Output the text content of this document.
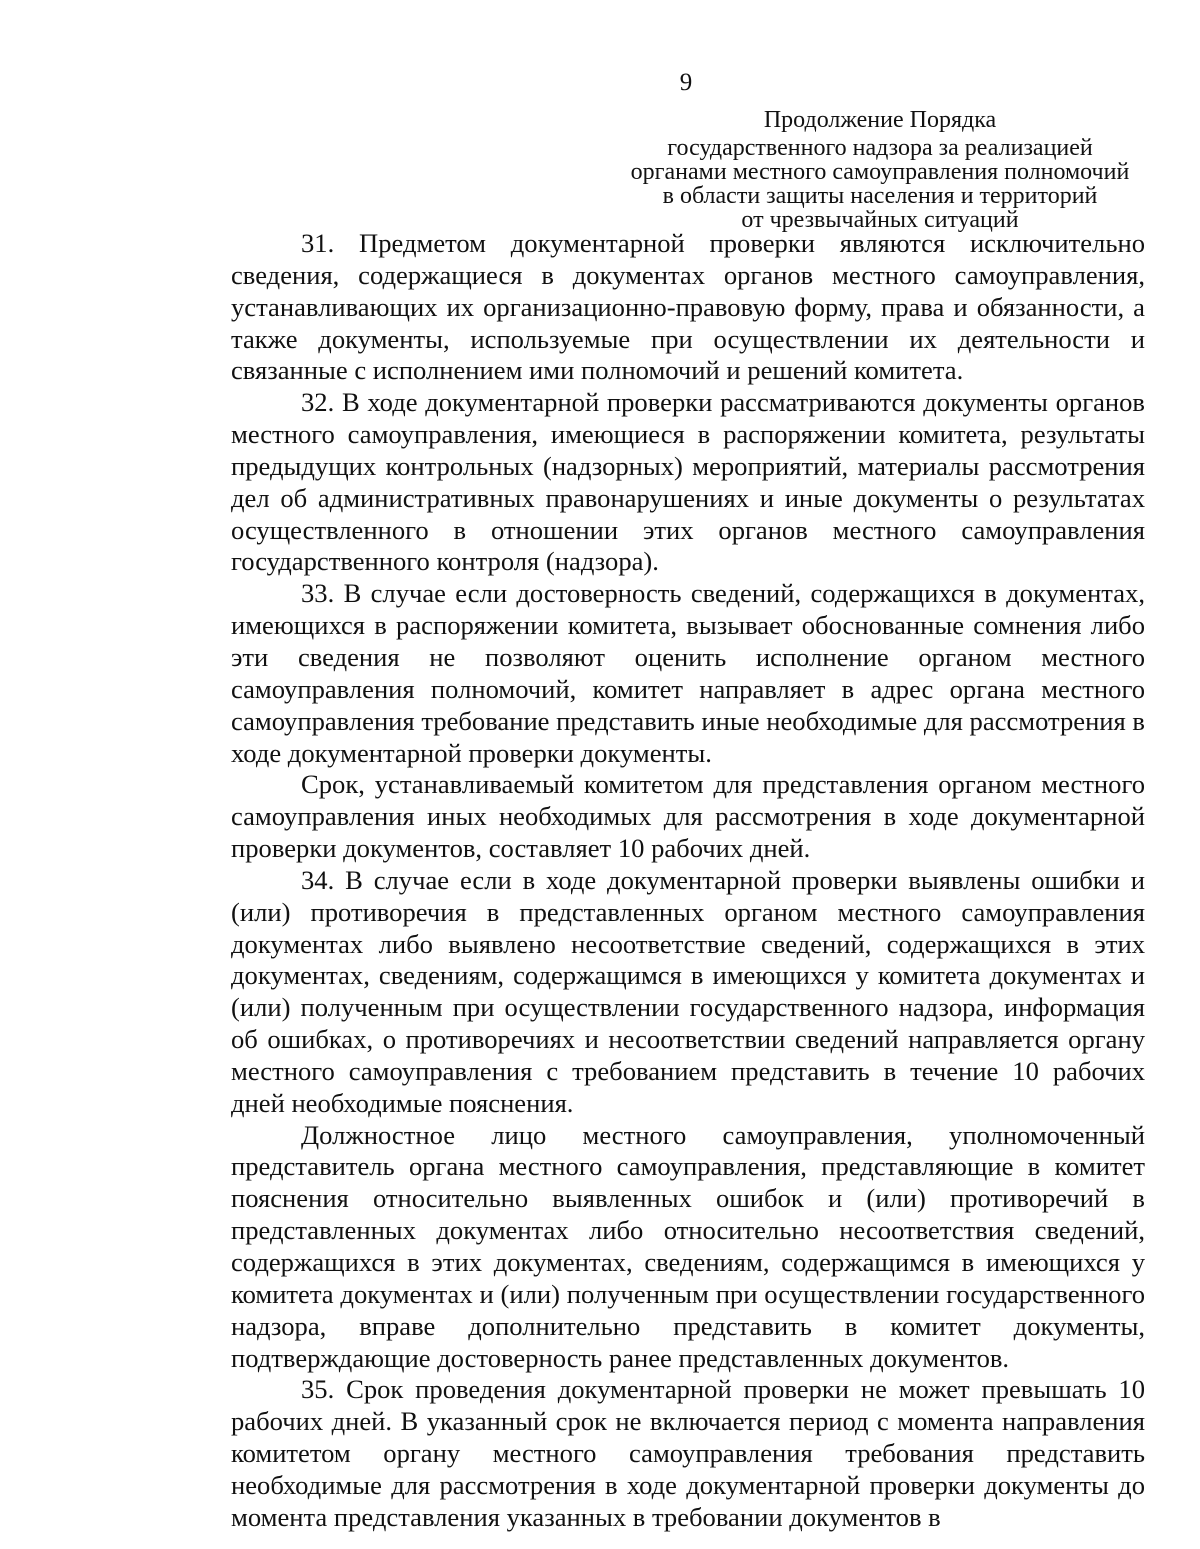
9
Продолжение Порядка
государственного надзора за реализацией
органами местного самоуправления полномочий
в области защиты населения и территорий
от чрезвычайных ситуаций

31. Предметом документарной проверки являются исключительно сведения, содержащиеся в документах органов местного самоуправления, устанавливающих их организационно-правовую форму, права и обязанности, а также документы, используемые при осуществлении их деятельности и связанные с исполнением ими полномочий и решений комитета.

32. В ходе документарной проверки рассматриваются документы органов местного самоуправления, имеющиеся в распоряжении комитета, результаты предыдущих контрольных (надзорных) мероприятий, материалы рассмотрения дел об административных правонарушениях и иные документы о результатах осуществленного в отношении этих органов местного самоуправления государственного контроля (надзора).

33. В случае если достоверность сведений, содержащихся в документах, имеющихся в распоряжении комитета, вызывает обоснованные сомнения либо эти сведения не позволяют оценить исполнение органом местного самоуправления полномочий, комитет направляет в адрес органа местного самоуправления требование представить иные необходимые для рассмотрения в ходе документарной проверки документы.

Срок, устанавливаемый комитетом для представления органом местного самоуправления иных необходимых для рассмотрения в ходе документарной проверки документов, составляет 10 рабочих дней.

34. В случае если в ходе документарной проверки выявлены ошибки и (или) противоречия в представленных органом местного самоуправления документах либо выявлено несоответствие сведений, содержащихся в этих документах, сведениям, содержащимся в имеющихся у комитета документах и (или) полученным при осуществлении государственного надзора, информация об ошибках, о противоречиях и несоответствии сведений направляется органу местного самоуправления с требованием представить в течение 10 рабочих дней необходимые пояснения.

Должностное лицо местного самоуправления, уполномоченный представитель органа местного самоуправления, представляющие в комитет пояснения относительно выявленных ошибок и (или) противоречий в представленных документах либо относительно несоответствия сведений, содержащихся в этих документах, сведениям, содержащимся в имеющихся у комитета документах и (или) полученным при осуществлении государственного надзора, вправе дополнительно представить в комитет документы, подтверждающие достоверность ранее представленных документов.

35. Срок проведения документарной проверки не может превышать 10 рабочих дней. В указанный срок не включается период с момента направления комитетом органу местного самоуправления требования представить необходимые для рассмотрения в ходе документарной проверки документы до момента представления указанных в требовании документов в
